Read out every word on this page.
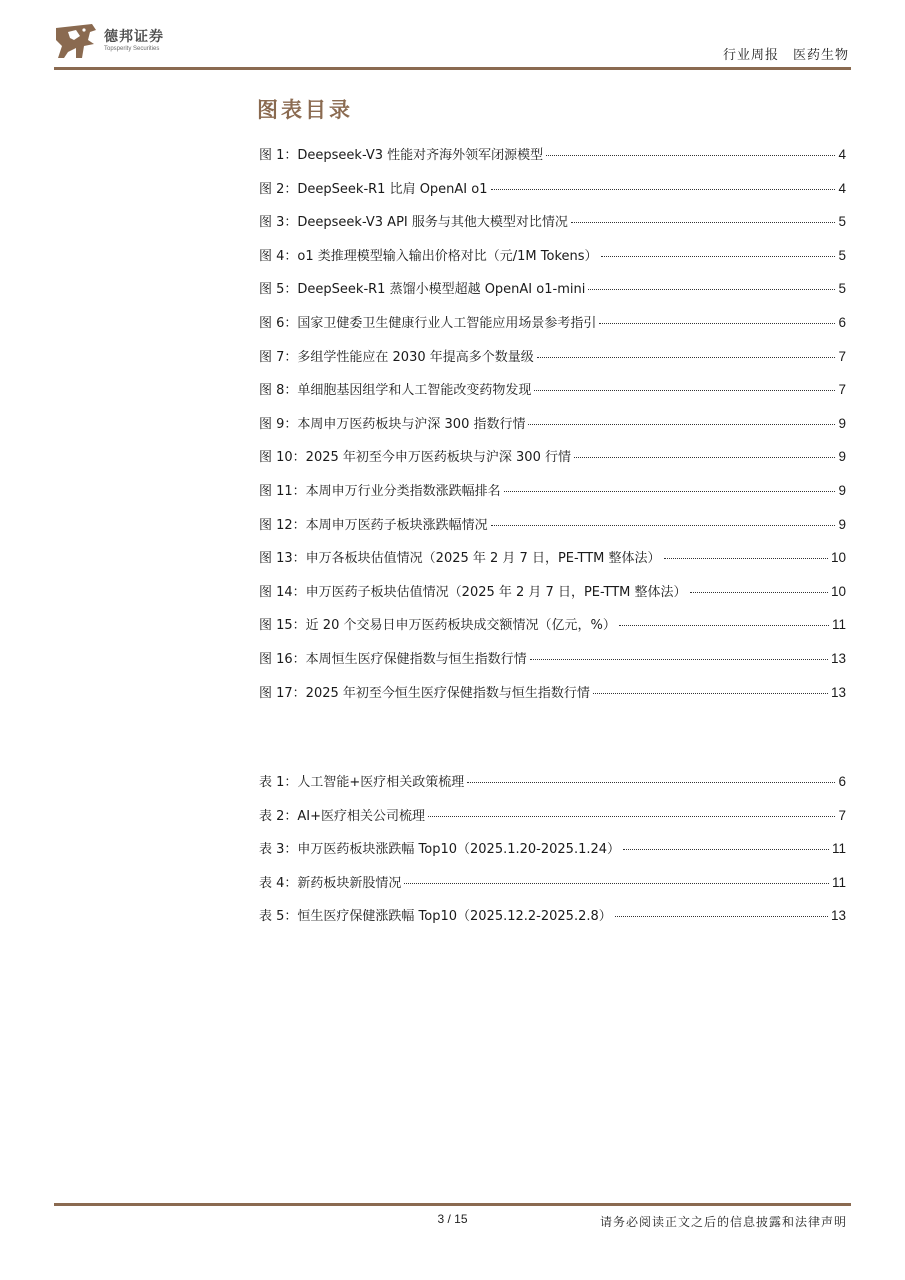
德邦证券
Topsperity Securities	行业周报 医药生物
图表目录
图 1：Deepseek-V3 性能对齐海外领军闭源模型	4
图 2：DeepSeek-R1 比肩 OpenAI o1	4
图 3：Deepseek-V3 API 服务与其他大模型对比情况	5
图 4：o1 类推理模型输入输出价格对比（元/1M Tokens）	5
图 5：DeepSeek-R1 蒸馏小模型超越 OpenAI o1-mini	5
图 6：国家卫健委卫生健康行业人工智能应用场景参考指引	6
图 7：多组学性能应在 2030 年提高多个数量级	7
图 8：单细胞基因组学和人工智能改变药物发现	7
图 9：本周申万医药板块与沪深 300 指数行情	9
图 10：2025 年初至今申万医药板块与沪深 300 行情	9
图 11：本周申万行业分类指数涨跌幅排名	9
图 12：本周申万医药子板块涨跌幅情况	9
图 13：申万各板块估值情况（2025 年 2 月 7 日，PE-TTM 整体法）	10
图 14：申万医药子板块估值情况（2025 年 2 月 7 日，PE-TTM 整体法）	10
图 15：近 20 个交易日申万医药板块成交额情况（亿元，%）	11
图 16：本周恒生医疗保健指数与恒生指数行情	13
图 17：2025 年初至今恒生医疗保健指数与恒生指数行情	13
表 1：人工智能+医疗相关政策梳理	6
表 2：AI+医疗相关公司梳理	7
表 3：申万医药板块涨跌幅 Top10（2025.1.20-2025.1.24）	11
表 4：新药板块新股情况	11
表 5：恒生医疗保健涨跌幅 Top10（2025.12.2-2025.2.8）	13
3 / 15	请务必阅读正文之后的信息披露和法律声明
